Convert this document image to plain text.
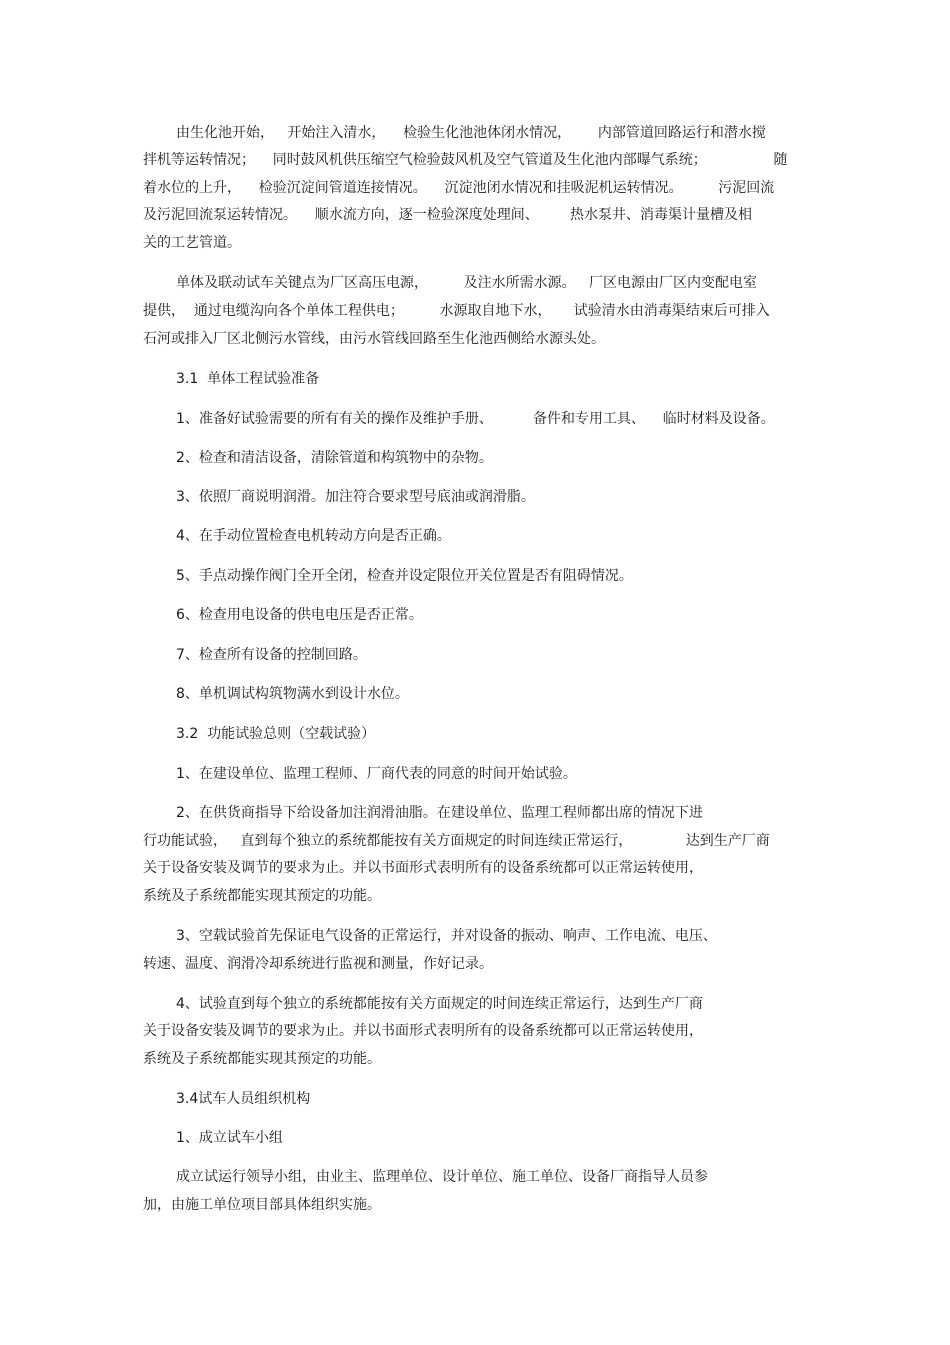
由生化池开始，   开始注入清水，    检验生化池池体闭水情况，      内部管道回路运行和潜水搅
拌机等运转情况；    同时鼓风机供压缩空气检验鼓风机及空气管道及生化池内部曝气系统；               随
着水位的上升，    检验沉淀间管道连接情况。    沉淀池闭水情况和挂吸泥机运转情况。        污泥回流
及污泥回流泵运转情况。    顺水流方向，逐一检验深度处理间、       热水泵井、消毒渠计量槽及相
关的工艺管道。
单体及联动试车关键点为厂区高压电源，        及注水所需水源。   厂区电源由厂区内变配电室
提供，  通过电缆沟向各个单体工程供电；        水源取自地下水，     试验清水由消毒渠结束后可排入
石河或排入厂区北侧污水管线，由污水管线回路至生化池西侧给水源头处。
3.1  单体工程试验准备
1、准备好试验需要的所有有关的操作及维护手册、         备件和专用工具、    临时材料及设备。
2、检查和清洁设备，清除管道和构筑物中的杂物。
3、依照厂商说明润滑。加注符合要求型号底油或润滑脂。
4、在手动位置检查电机转动方向是否正确。
5、手点动操作阀门全开全闭，检查并设定限位开关位置是否有阻碍情况。
6、检查用电设备的供电电压是否正常。
7、检查所有设备的控制回路。
8、单机调试构筑物满水到设计水位。
3.2  功能试验总则（空载试验）
1、在建设单位、监理工程师、厂商代表的同意的时间开始试验。
2、在供货商指导下给设备加注润滑油脂。在建设单位、监理工程师都出席的情况下进
行功能试验，   直到每个独立的系统都能按有关方面规定的时间连续正常运行，            达到生产厂商
关于设备安装及调节的要求为止。并以书面形式表明所有的设备系统都可以正常运转使用，
系统及子系统都能实现其预定的功能。
3、空载试验首先保证电气设备的正常运行，并对设备的振动、响声、工作电流、电压、
转速、温度、润滑冷却系统进行监视和测量，作好记录。
4、试验直到每个独立的系统都能按有关方面规定的时间连续正常运行，达到生产厂商
关于设备安装及调节的要求为止。并以书面形式表明所有的设备系统都可以正常运转使用，
系统及子系统都能实现其预定的功能。
3.4试车人员组织机构
1、成立试车小组
成立试运行领导小组，由业主、监理单位、设计单位、施工单位、设备厂商指导人员参
加，由施工单位项目部具体组织实施。
